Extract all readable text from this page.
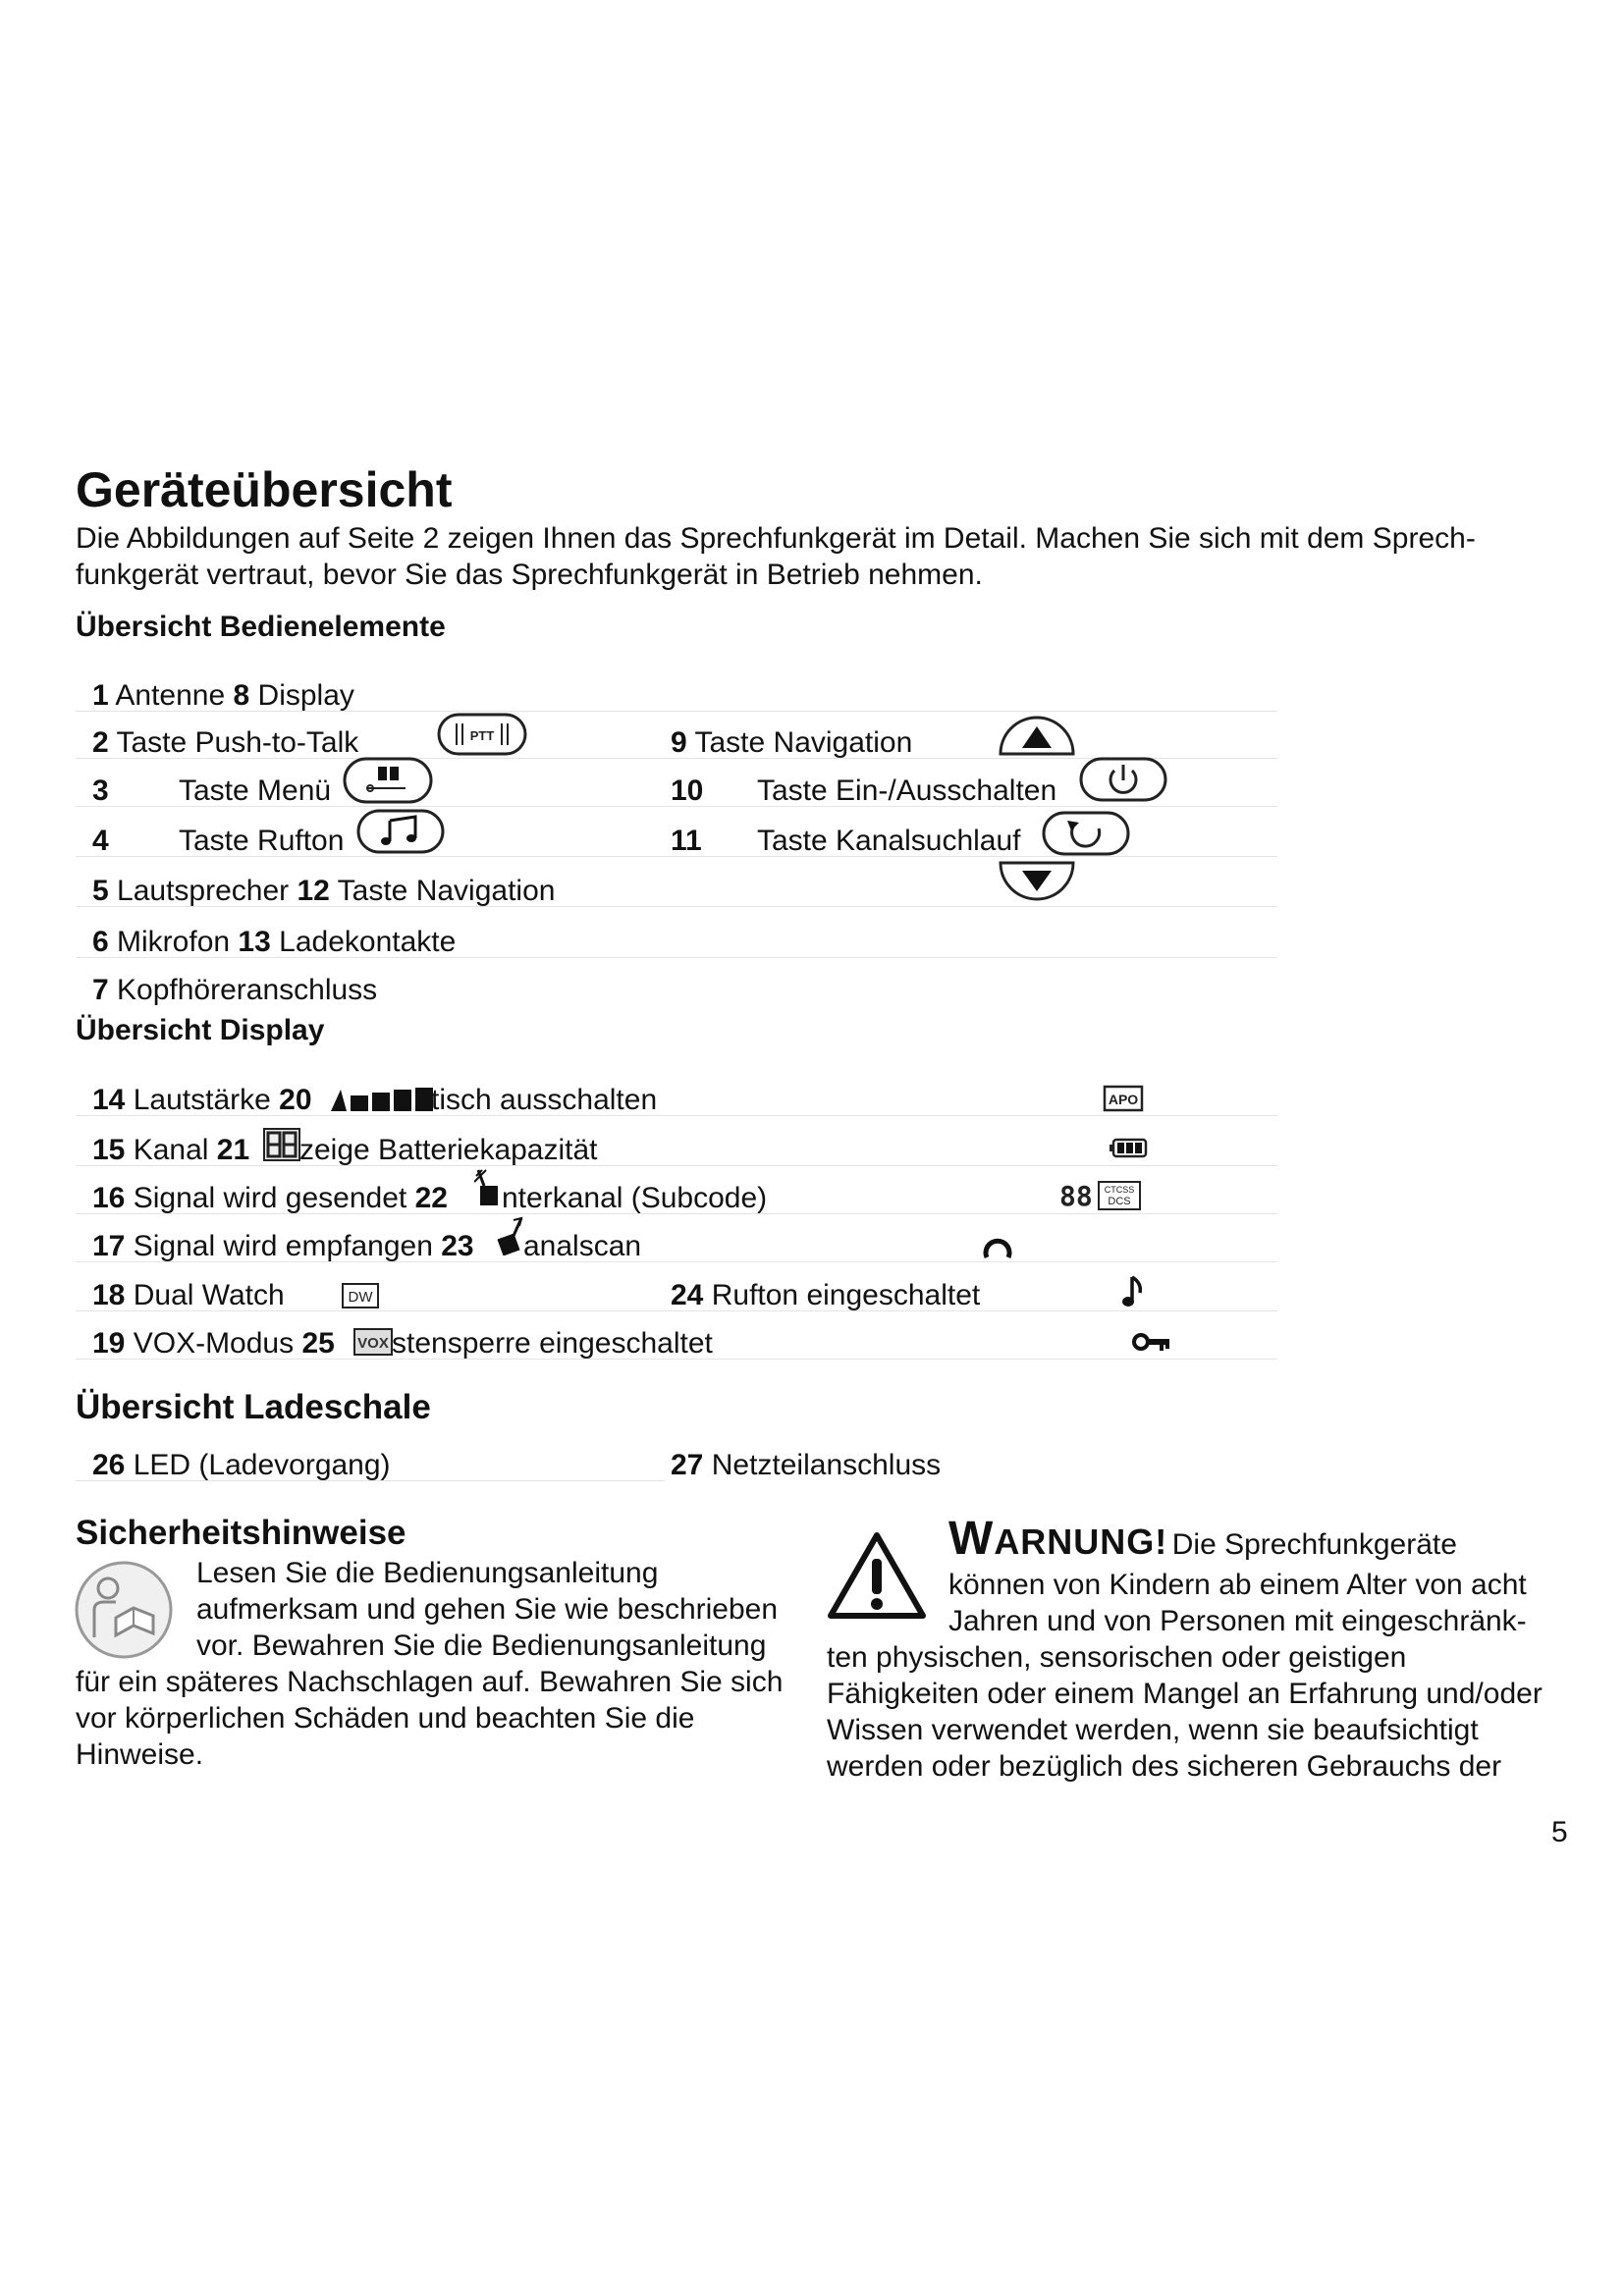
Geräteübersicht

Die Abbildungen auf Seite 2 zeigen Ihnen das Sprechfunkgerät im Detail. Machen Sie sich mit dem Sprech- funkgerät vertraut, bevor Sie das Sprechfunkgerät in Betrieb nehmen.

Übersicht Bedienelemente
1 Antenne 8 Display
2 Taste Push-to-Talk	PTT	9 Taste Navigation
3 Taste Menü	10 Taste Ein-/Ausschalten
4 Taste Rufton	11 Taste Kanalsuchlauf
5 Lautsprecher 12 Taste Navigation
6 Mikrofon 13 Ladekontakte
7 Kopfhöreranschluss
Übersicht Display
14 Lautstärke 20	tisch ausschalten	APO
15 Kanal 21 zeige Batteriekapazität
16 Signal wird gesendet 22 nterkanal (Subcode)	88 CTCSS
DCS
17 Signal wird empfangen 23 analscan
18 Dual Watch	DW	24 Rufton eingeschaltet
19 VOX-Modus 25 VOX stensperre eingeschaltet
Übersicht Ladeschale
26 LED (Ladevorgang)	27 Netzteilanschluss
Sicherheitshinweise

Lesen Sie die Bedienungsanleitung

aufmerksam und gehen Sie wie beschrieben

vor. Bewahren Sie die Bedienungsanleitung

für ein späteres Nachschlagen auf. Bewahren Sie sich

vor körperlichen Schäden und beachten Sie die

Hinweise.

WARNUNG! Die Sprechfunkgeräte

können von Kindern ab einem Alter von acht

Jahren und von Personen mit eingeschränk-

ten physischen, sensorischen oder geistigen

Fähigkeiten oder einem Mangel an Erfahrung und/oder

Wissen verwendet werden, wenn sie beaufsichtigt

werden oder bezüglich des sicheren Gebrauchs der

5
